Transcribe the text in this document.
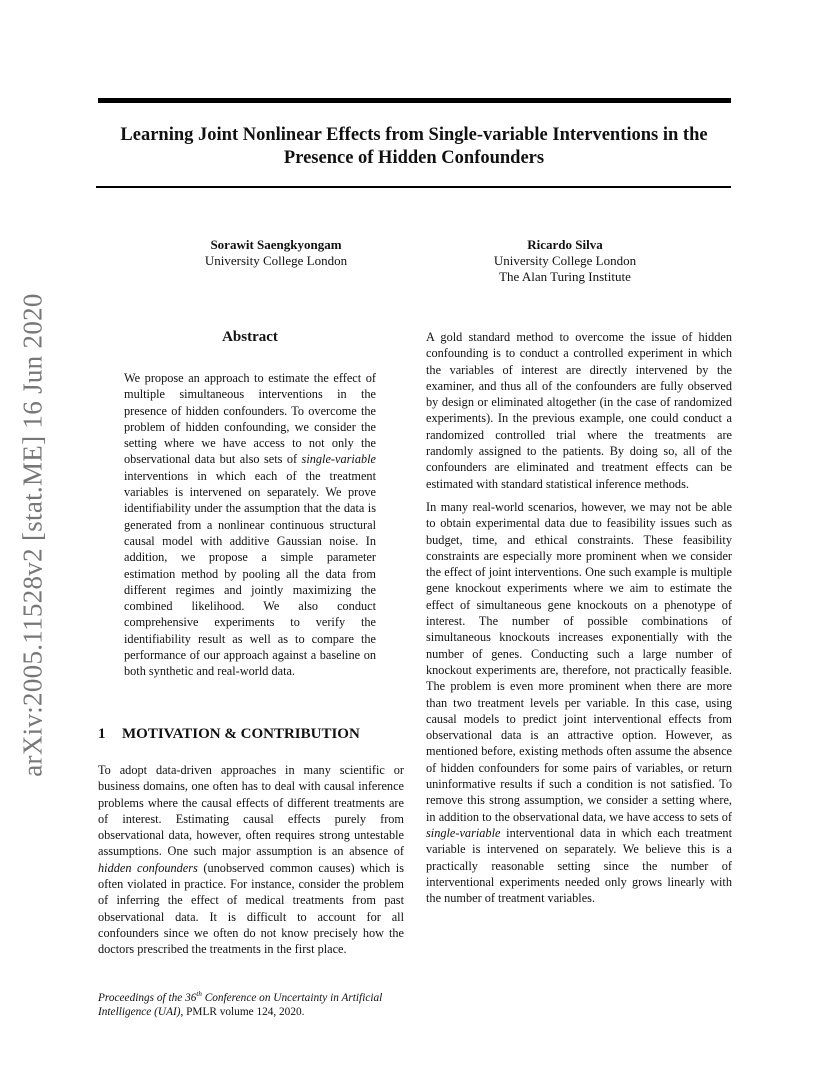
arXiv:2005.11528v2 [stat.ME] 16 Jun 2020
Learning Joint Nonlinear Effects from Single-variable Interventions in the
Presence of Hidden Confounders
Sorawit Saengkyongam
University College London
Ricardo Silva
University College London
The Alan Turing Institute
Abstract

We propose an approach to estimate the effect of multiple simultaneous interventions in the presence of hidden confounders. To overcome the problem of hidden confounding, we consider the setting where we have access to not only the observational data but also sets of single-variable interventions in which each of the treatment variables is intervened on separately. We prove identifiability under the assumption that the data is generated from a nonlinear continuous structural causal model with additive Gaussian noise. In addition, we propose a simple parameter estimation method by pooling all the data from different regimes and jointly maximizing the combined likelihood. We also conduct comprehensive experiments to verify the identifiability result as well as to compare the performance of our approach against a baseline on both synthetic and real-world data.

1 MOTIVATION & CONTRIBUTION

To adopt data-driven approaches in many scientific or business domains, one often has to deal with causal inference problems where the causal effects of different treatments are of interest. Estimating causal effects purely from observational data, however, often requires strong untestable assumptions. One such major assumption is an absence of hidden confounders (unobserved common causes) which is often violated in practice. For instance, consider the problem of inferring the effect of medical treatments from past observational data. It is difficult to account for all confounders since we often do not know precisely how the doctors prescribed the treatments in the first place.

Proceedings of the 36th Conference on Uncertainty in Artificial Intelligence (UAI), PMLR volume 124, 2020.

A gold standard method to overcome the issue of hidden confounding is to conduct a controlled experiment in which the variables of interest are directly intervened by the examiner, and thus all of the confounders are fully observed by design or eliminated altogether (in the case of randomized experiments). In the previous example, one could conduct a randomized controlled trial where the treatments are randomly assigned to the patients. By doing so, all of the confounders are eliminated and treatment effects can be estimated with standard statistical inference methods.

In many real-world scenarios, however, we may not be able to obtain experimental data due to feasibility issues such as budget, time, and ethical constraints. These feasibility constraints are especially more prominent when we consider the effect of joint interventions. One such example is multiple gene knockout experiments where we aim to estimate the effect of simultaneous gene knockouts on a phenotype of interest. The number of possible combinations of simultaneous knockouts increases exponentially with the number of genes. Conducting such a large number of knockout experiments are, therefore, not practically feasible. The problem is even more prominent when there are more than two treatment levels per variable. In this case, using causal models to predict joint interventional effects from observational data is an attractive option. However, as mentioned before, existing methods often assume the absence of hidden confounders for some pairs of variables, or return uninformative results if such a condition is not satisfied. To remove this strong assumption, we consider a setting where, in addition to the observational data, we have access to sets of single-variable interventional data in which each treatment variable is intervened on separately. We believe this is a practically reasonable setting since the number of interventional experiments needed only grows linearly with the number of treatment variables.
